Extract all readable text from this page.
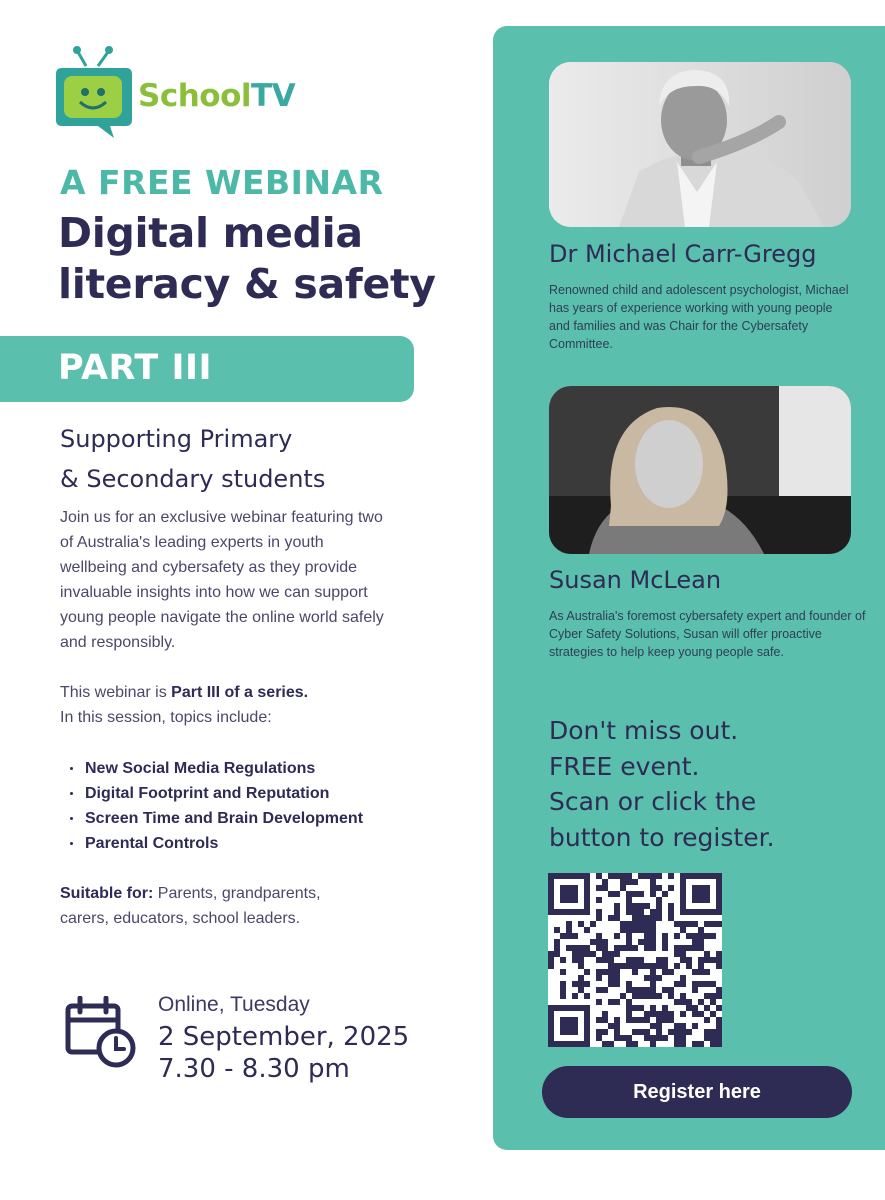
SchoolTV
A FREE WEBINAR
Digital media
literacy & safety
PART III
Supporting Primary
& Secondary students
Join us for an exclusive webinar featuring two of Australia's leading experts in youth wellbeing and cybersafety as they provide invaluable insights into how we can support young people navigate the online world safely and responsibly.
This webinar is Part III of a series.
In this session, topics include:
New Social Media Regulations
Digital Footprint and Reputation
Screen Time and Brain Development
Parental Controls
Suitable for: Parents, grandparents, carers, educators, school leaders.
Online, Tuesday
2 September, 2025
7.30 - 8.30 pm
Dr Michael Carr-Gregg
Renowned child and adolescent psychologist, Michael has years of experience working with young people and families and was Chair for the Cybersafety Committee.
Susan McLean
As Australia's foremost cybersafety expert and founder of Cyber Safety Solutions, Susan will offer proactive strategies to help keep young people safe.
Don't miss out.
FREE event.
Scan or click the
button to register.
Register here
